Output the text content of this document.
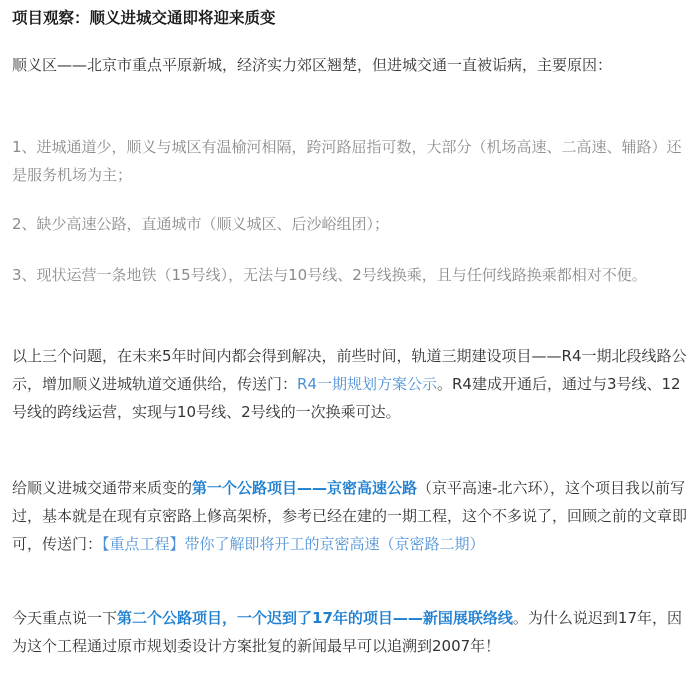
项目观察：顺义进城交通即将迎来质变

顺义区——北京市重点平原新城，经济实力郊区翘楚，但进城交通一直被诟病，主要原因：

1、进城通道少，顺义与城区有温榆河相隔，跨河路屈指可数，大部分（机场高速、二高速、辅路）还是服务机场为主；

2、缺少高速公路，直通城市（顺义城区、后沙峪组团）；

3、现状运营一条地铁（15号线），无法与10号线、2号线换乘，且与任何线路换乘都相对不便。

以上三个问题，在未来5年时间内都会得到解决，前些时间，轨道三期建设项目——R4一期北段线路公示，增加顺义进城轨道交通供给，传送门：R4一期规划方案公示。R4建成开通后，通过与3号线、12号线的跨线运营，实现与10号线、2号线的一次换乘可达。

给顺义进城交通带来质变的第一个公路项目——京密高速公路（京平高速-北六环），这个项目我以前写过，基本就是在现有京密路上修高架桥，参考已经在建的一期工程，这个不多说了，回顾之前的文章即可，传送门：【重点工程】带你了解即将开工的京密高速（京密路二期）

今天重点说一下第二个公路项目，一个迟到了17年的项目——新国展联络线。为什么说迟到17年，因为这个工程通过原市规划委设计方案批复的新闻最早可以追溯到2007年！
